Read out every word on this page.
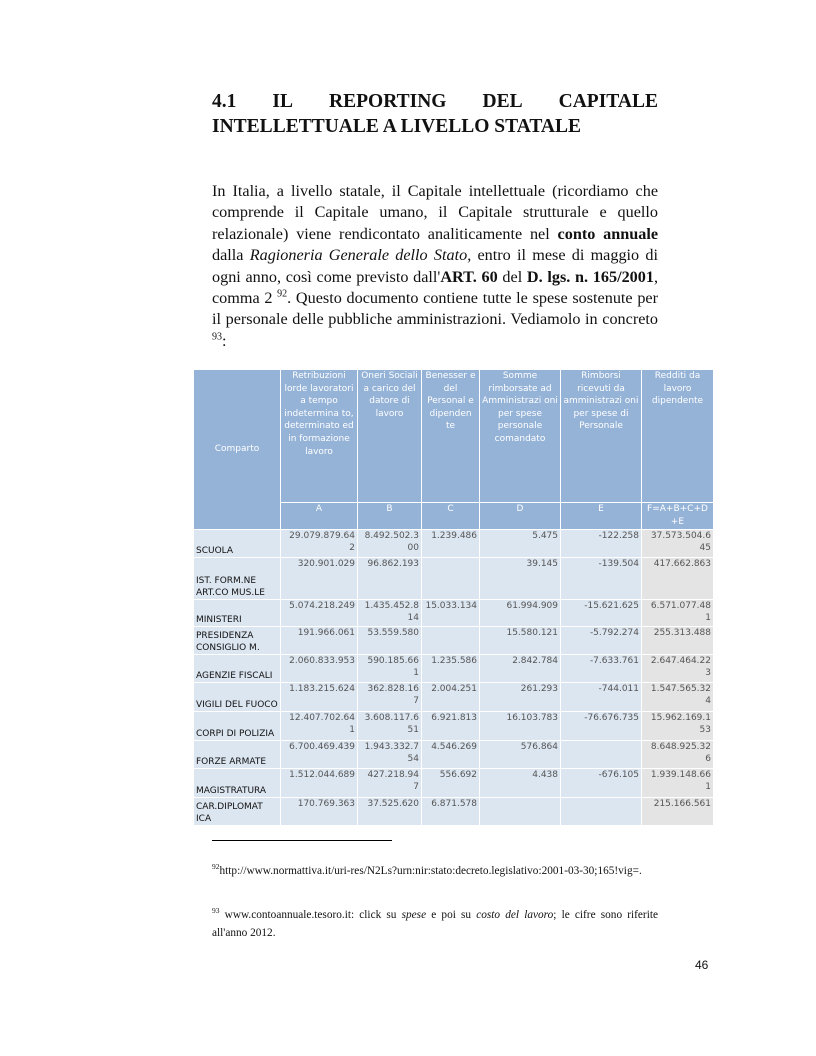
4.1 IL REPORTING DEL CAPITALE
INTELLETTUALE A LIVELLO STATALE
In Italia, a livello statale, il Capitale intellettuale (ricordiamo che comprende il Capitale umano, il Capitale strutturale e quello relazionale) viene rendicontato analiticamente nel conto annuale dalla Ragioneria Generale dello Stato, entro il mese di maggio di ogni anno, così come previsto dall'ART. 60 del D. lgs. n. 165/2001, comma 2 $^{92}$. Questo documento contiene tutte le spese sostenute per il personale delle pubbliche amministrazioni. Vediamolo in concreto $^{93}$:
Comparto	Retribuzioni lorde lavoratori a tempo indetermina to, determinato ed in formazione lavoro	Oneri Sociali a carico del datore di lavoro	Benesser e del Personal e dipenden te	Somme rimborsate ad Amministrazi oni per spese personale comandato	Rimborsi ricevuti da amministrazi oni per spese di Personale	Redditi da lavoro dipendente
	A	B	C	D	E	F=A+B+C+D +E
SCUOLA	29.079.879.64 2	8.492.502.3 00	1.239.486	5.475	-122.258	37.573.504.6 45
IST. FORM.NE ART.CO MUS.LE	320.901.029	96.862.193		39.145	-139.504	417.662.863
MINISTERI	5.074.218.249	1.435.452.8 14	15.033.134	61.994.909	-15.621.625	6.571.077.48 1
PRESIDENZA CONSIGLIO M.	191.966.061	53.559.580		15.580.121	-5.792.274	255.313.488
AGENZIE FISCALI	2.060.833.953	590.185.66 1	1.235.586	2.842.784	-7.633.761	2.647.464.22 3
VIGILI DEL FUOCO	1.183.215.624	362.828.16 7	2.004.251	261.293	-744.011	1.547.565.32 4
CORPI DI POLIZIA	12.407.702.64 1	3.608.117.6 51	6.921.813	16.103.783	-76.676.735	15.962.169.1 53
FORZE ARMATE	6.700.469.439	1.943.332.7 54	4.546.269	576.864		8.648.925.32 6
MAGISTRATURA	1.512.044.689	427.218.94 7	556.692	4.438	-676.105	1.939.148.66 1
CAR.DIPLOMAT ICA	170.769.363	37.525.620	6.871.578			215.166.561
$^{92}$http://www.normattiva.it/uri-res/N2Ls?urn:nir:stato:decreto.legislativo:2001-03-30;165!vig=.
$^{93}$ www.contoannuale.tesoro.it: click su spese e poi su costo del lavoro; le cifre sono riferite all'anno 2012.
46
